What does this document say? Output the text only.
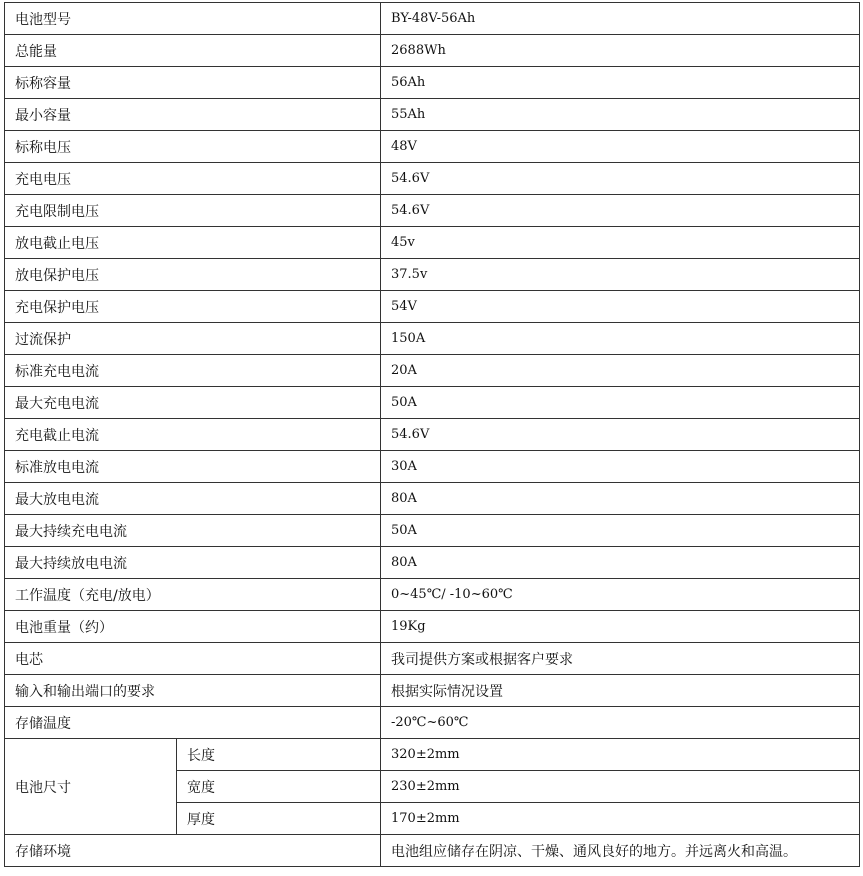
电池型号		BY-48V-56Ah
总能量		2688Wh
标称容量		56Ah
最小容量		55Ah
标称电压		48V
充电电压		54.6V
充电限制电压		54.6V
放电截止电压		45v
放电保护电压		37.5v
充电保护电压		54V
过流保护		150A
标准充电电流		20A
最大充电电流		50A
充电截止电流		54.6V
标准放电电流		30A
最大放电电流		80A
最大持续充电电流		50A
最大持续放电电流		80A
工作温度（充电/放电）		0~45℃/ -10~60℃
电池重量（约）		19Kg
电芯		我司提供方案或根据客户要求
输入和输出端口的要求		根据实际情况设置
存储温度		-20℃~60℃
电池尺寸	长度	320±2mm
	宽度	230±2mm
	厚度	170±2mm
存储环境		电池组应储存在阴凉、干燥、通风良好的地方。并远离火和高温。
